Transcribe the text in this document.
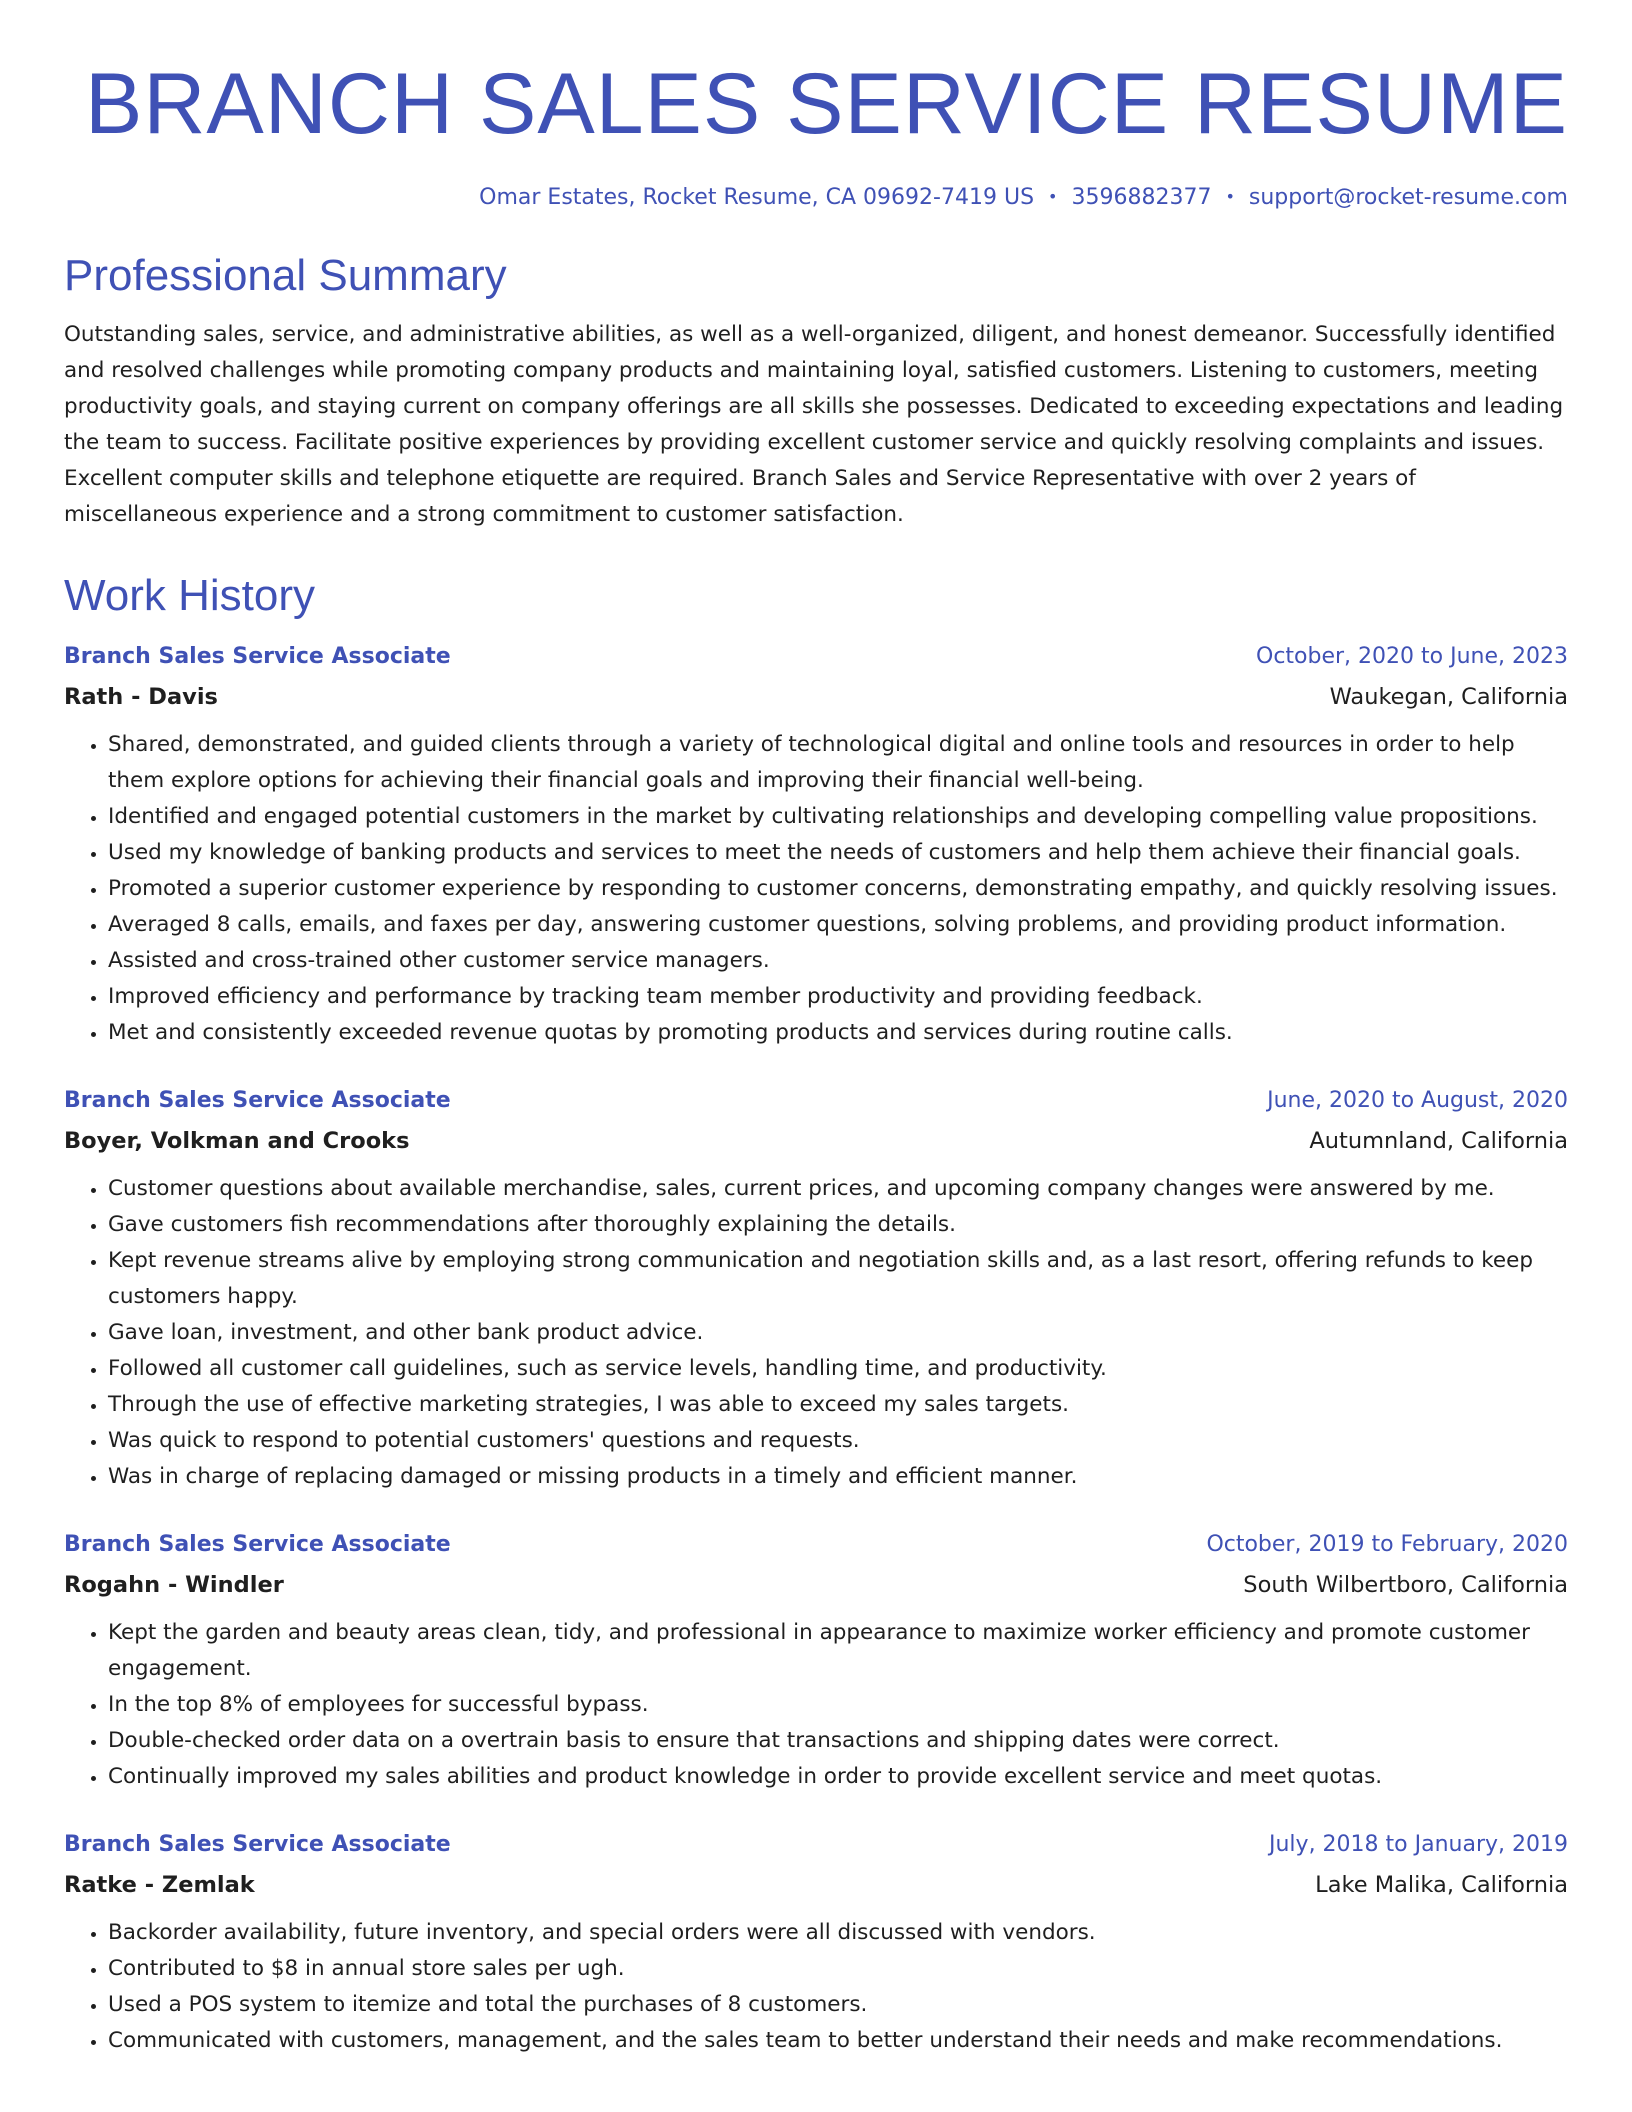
BRANCH SALES SERVICE RESUME
Omar Estates, Rocket Resume, CA 09692-7419 US • 3596882377 • support@rocket-resume.com
Professional Summary

Outstanding sales, service, and administrative abilities, as well as a well-organized, diligent, and honest demeanor. Successfully identified and resolved challenges while promoting company products and maintaining loyal, satisfied customers. Listening to customers, meeting productivity goals, and staying current on company offerings are all skills she possesses. Dedicated to exceeding expectations and leading the team to success. Facilitate positive experiences by providing excellent customer service and quickly resolving complaints and issues. Excellent computer skills and telephone etiquette are required. Branch Sales and Service Representative with over 2 years of miscellaneous experience and a strong commitment to customer satisfaction.

Work History
Branch Sales Service Associate	October, 2020 to June, 2023
Rath - Davis	Waukegan, California
• Shared, demonstrated, and guided clients through a variety of technological digital and online tools and resources in order to help them explore options for achieving their financial goals and improving their financial well-being.
• Identified and engaged potential customers in the market by cultivating relationships and developing compelling value propositions.
• Used my knowledge of banking products and services to meet the needs of customers and help them achieve their financial goals.
• Promoted a superior customer experience by responding to customer concerns, demonstrating empathy, and quickly resolving issues.
• Averaged 8 calls, emails, and faxes per day, answering customer questions, solving problems, and providing product information.
• Assisted and cross-trained other customer service managers.
• Improved efficiency and performance by tracking team member productivity and providing feedback.
• Met and consistently exceeded revenue quotas by promoting products and services during routine calls.
Branch Sales Service Associate	June, 2020 to August, 2020
Boyer, Volkman and Crooks	Autumnland, California
• Customer questions about available merchandise, sales, current prices, and upcoming company changes were answered by me.
• Gave customers fish recommendations after thoroughly explaining the details.
• Kept revenue streams alive by employing strong communication and negotiation skills and, as a last resort, offering refunds to keep customers happy.
• Gave loan, investment, and other bank product advice.
• Followed all customer call guidelines, such as service levels, handling time, and productivity.
• Through the use of effective marketing strategies, I was able to exceed my sales targets.
• Was quick to respond to potential customers' questions and requests.
• Was in charge of replacing damaged or missing products in a timely and efficient manner.
Branch Sales Service Associate	October, 2019 to February, 2020
Rogahn - Windler	South Wilbertboro, California
• Kept the garden and beauty areas clean, tidy, and professional in appearance to maximize worker efficiency and promote customer engagement.
• In the top 8% of employees for successful bypass.
• Double-checked order data on a overtrain basis to ensure that transactions and shipping dates were correct.
• Continually improved my sales abilities and product knowledge in order to provide excellent service and meet quotas.
Branch Sales Service Associate	July, 2018 to January, 2019
Ratke - Zemlak	Lake Malika, California
• Backorder availability, future inventory, and special orders were all discussed with vendors.
• Contributed to $8 in annual store sales per ugh.
• Used a POS system to itemize and total the purchases of 8 customers.
• Communicated with customers, management, and the sales team to better understand their needs and make recommendations.
